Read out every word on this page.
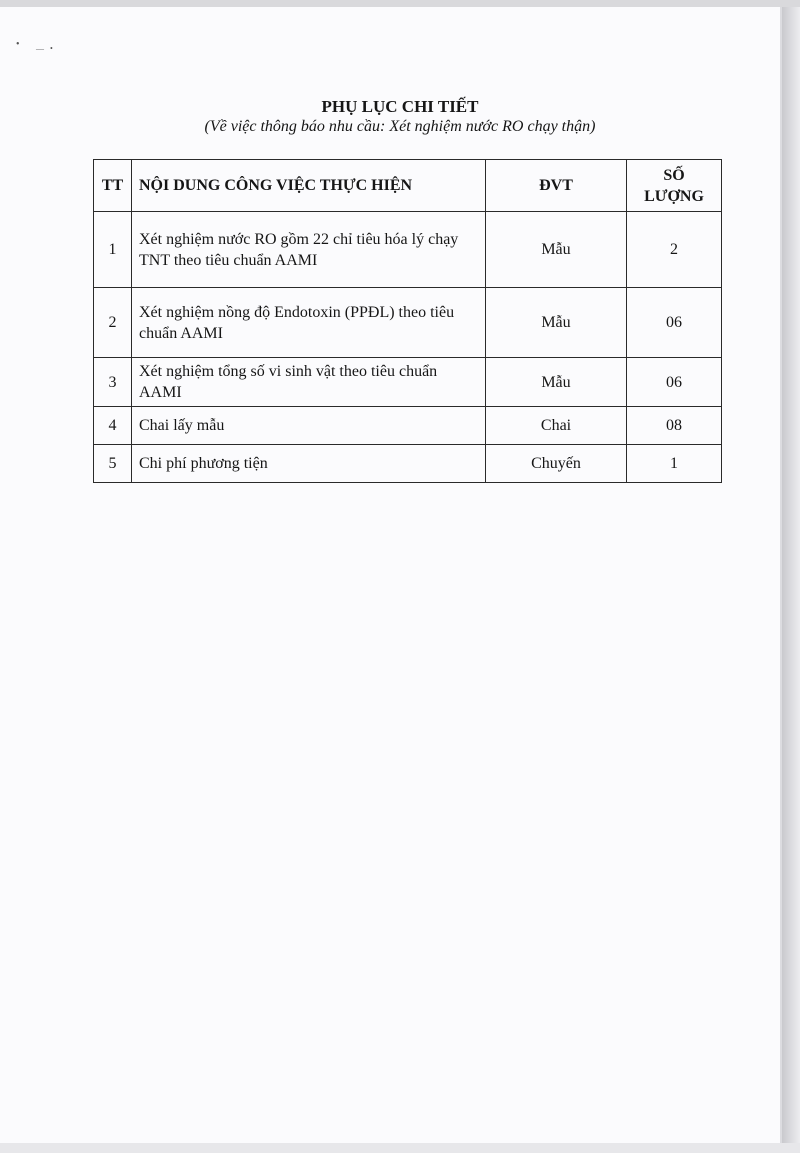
• — •
PHỤ LỤC CHI TIẾT
(Về việc thông báo nhu cầu: Xét nghiệm nước RO chạy thận)
TT	NỘI DUNG CÔNG VIỆC THỰC HIỆN	ĐVT	SỐ
LƯỢNG
1	Xét nghiệm nước RO gồm 22 chỉ tiêu hóa lý chạy TNT theo tiêu chuẩn AAMI	Mẫu	2
2	Xét nghiệm nồng độ Endotoxin (PPĐL) theo tiêu chuẩn AAMI	Mẫu	06
3	Xét nghiệm tổng số vi sinh vật theo tiêu chuẩn AAMI	Mẫu	06
4	Chai lấy mẫu	Chai	08
5	Chi phí phương tiện	Chuyến	1
